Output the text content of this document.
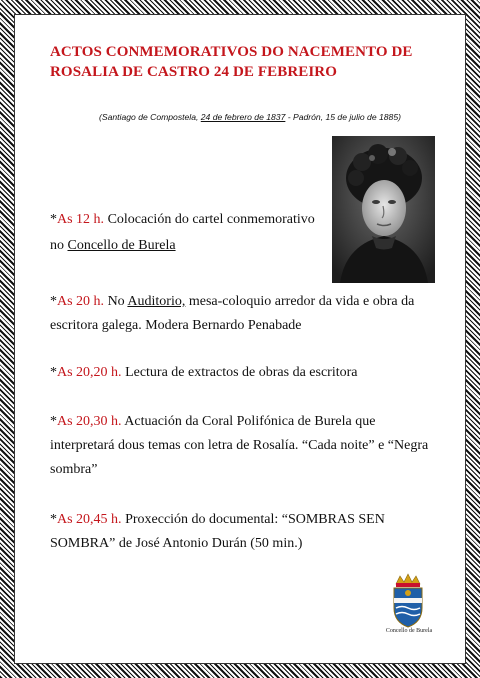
ACTOS CONMEMORATIVOS DO NACEMENTO DE
ROSALIA DE CASTRO 24 DE FEBREIRO
(Santiago de Compostela, 24 de febrero de 1837 - Padrón, 15 de julio de 1885)
*As 12 h. Colocación do cartel conmemorativo
no Concello de Burela
*As 20 h. No Auditorio, mesa-coloquio arredor da vida e obra da escritora galega. Modera Bernardo Penabade
*As 20,20 h. Lectura de extractos de obras da escritora
*As 20,30 h. Actuación da Coral Polifónica de Burela que interpretará dous temas con letra de Rosalía. “Cada noite” e “Negra sombra”
*As 20,45 h. Proxección do documental: “SOMBRAS SEN SOMBRA” de José Antonio Durán (50 min.)
Concello de Burela
